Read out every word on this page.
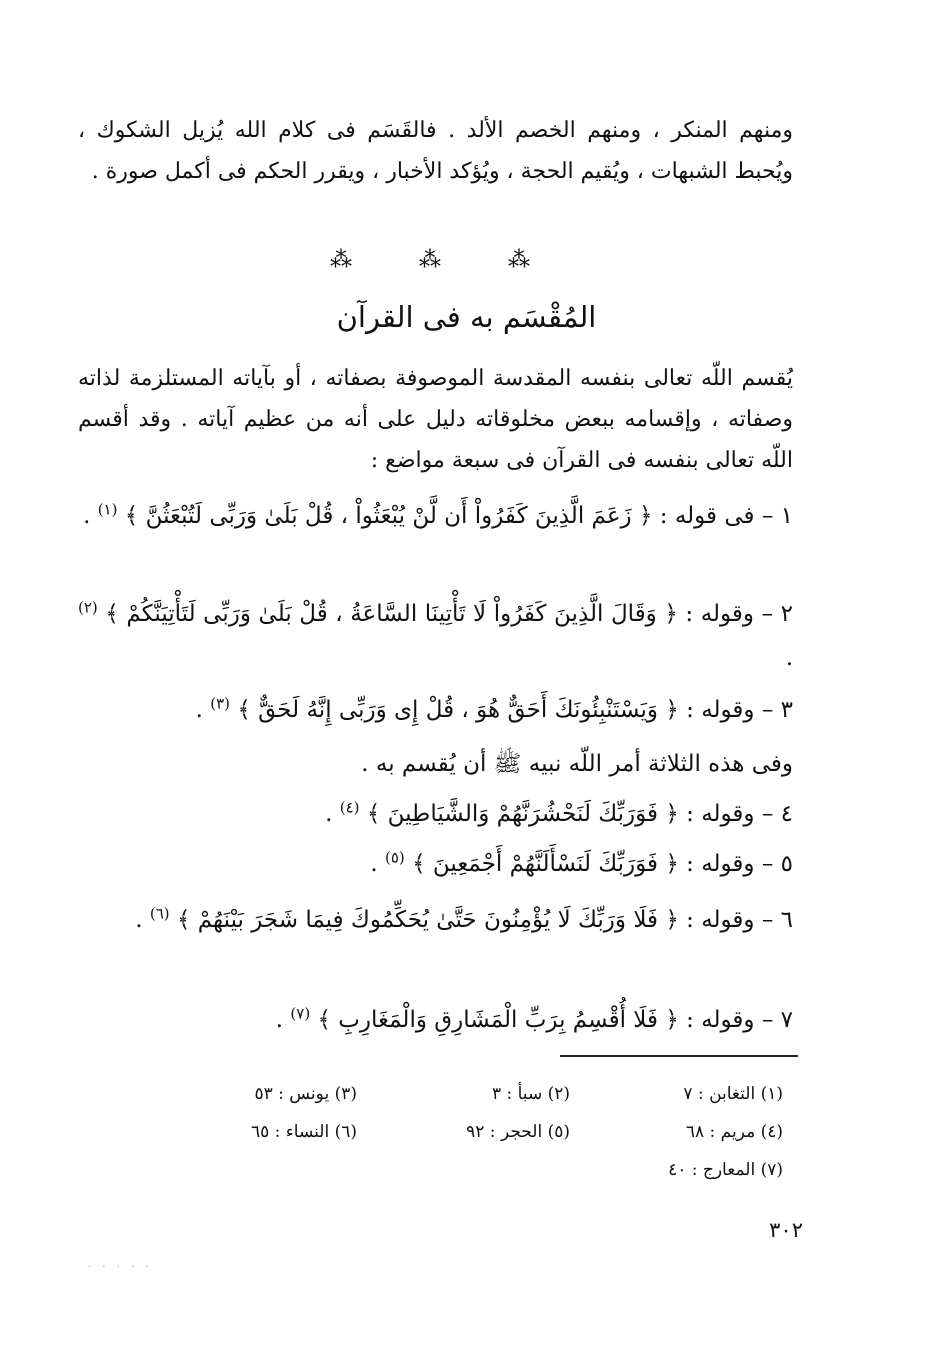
ومنهم المنكر ، ومنهم الخصم الألد . فالقَسَم فى كلام الله يُزيل الشكوك ، ويُحبط الشبهات ، ويُقيم الحجة ، ويُؤكد الأخبار ، ويقرر الحكم فى أكمل صورة .

⁂	⁂	⁂
المُقْسَم به فى القرآن

يُقسم اللّه تعالى بنفسه المقدسة الموصوفة بصفاته ، أو بآياته المستلزمة لذاته وصفاته ، وإقسامه ببعض مخلوقاته دليل على أنه من عظيم آياته . وقد أقسم اللّه تعالى بنفسه فى القرآن فى سبعة مواضع :

١ – فى قوله : ﴿ زَعَمَ الَّذِينَ كَفَرُواْ أَن لَّنْ يُبْعَثُواْ ، قُلْ بَلَىٰ وَرَبِّى لَتُبْعَثُنَّ ﴾ $^{(١)}$ .
٢ – وقوله : ﴿ وَقَالَ الَّذِينَ كَفَرُواْ لَا تَأْتِينَا السَّاعَةُ ، قُلْ بَلَىٰ وَرَبِّى لَتَأْتِيَنَّكُمْ ﴾ $^{(٢)}$ .
٣ – وقوله : ﴿ وَيَسْتَنْبِئُونَكَ أَحَقٌّ هُوَ ، قُلْ إِى وَرَبِّى إِنَّهُ لَحَقٌّ ﴾ $^{(٣)}$ .
وفى هذه الثلاثة أمر اللّه نبيه ﷺ أن يُقسم به .
٤ – وقوله : ﴿ فَوَرَبِّكَ لَنَحْشُرَنَّهُمْ وَالشَّيَاطِينَ ﴾ $^{(٤)}$ .
٥ – وقوله : ﴿ فَوَرَبِّكَ لَنَسْأَلَنَّهُمْ أَجْمَعِينَ ﴾ $^{(٥)}$ .
٦ – وقوله : ﴿ فَلَا وَرَبِّكَ لَا يُؤْمِنُونَ حَتَّىٰ يُحَكِّمُوكَ فِيمَا شَجَرَ بَيْنَهُمْ ﴾ $^{(٦)}$ .
٧ – وقوله : ﴿ فَلَا أُقْسِمُ بِرَبِّ الْمَشَارِقِ وَالْمَغَارِبِ ﴾ $^{(٧)}$ .
(١) التغابن : ٧
(٢) سبأ : ٣
(٣) يونس : ٥٣
(٤) مريم : ٦٨
(٥) الحجر : ٩٢
(٦) النساء : ٦٥
(٧) المعارج : ٤٠
٣٠٢
· · · · ·
